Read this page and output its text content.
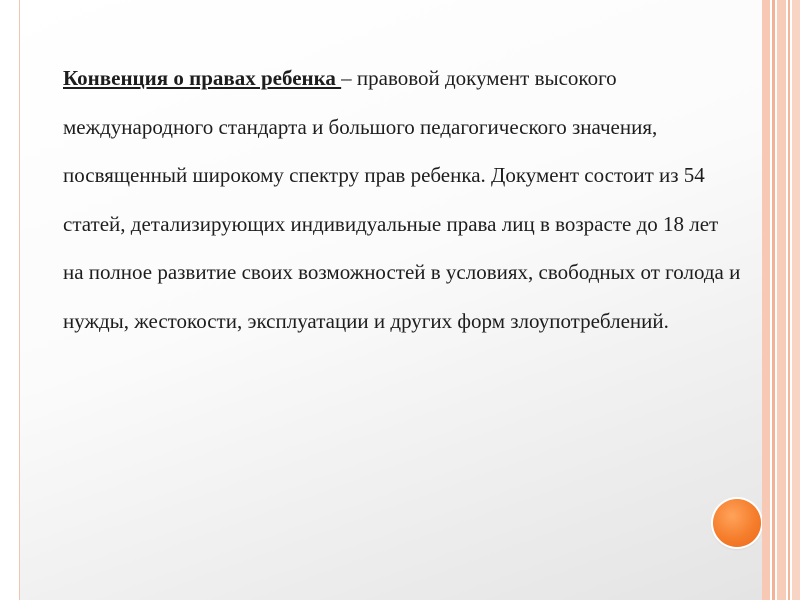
Конвенция о правах ребенка – правовой документ высокого международного стандарта и большого педагогического значения, посвященный широкому спектру прав ребенка. Документ состоит из 54 статей, детализирующих индивидуальные права лиц в возрасте до 18 лет на полное развитие своих возможностей в условиях, свободных от голода и нужды, жестокости, эксплуатации и других форм злоупотреблений.
